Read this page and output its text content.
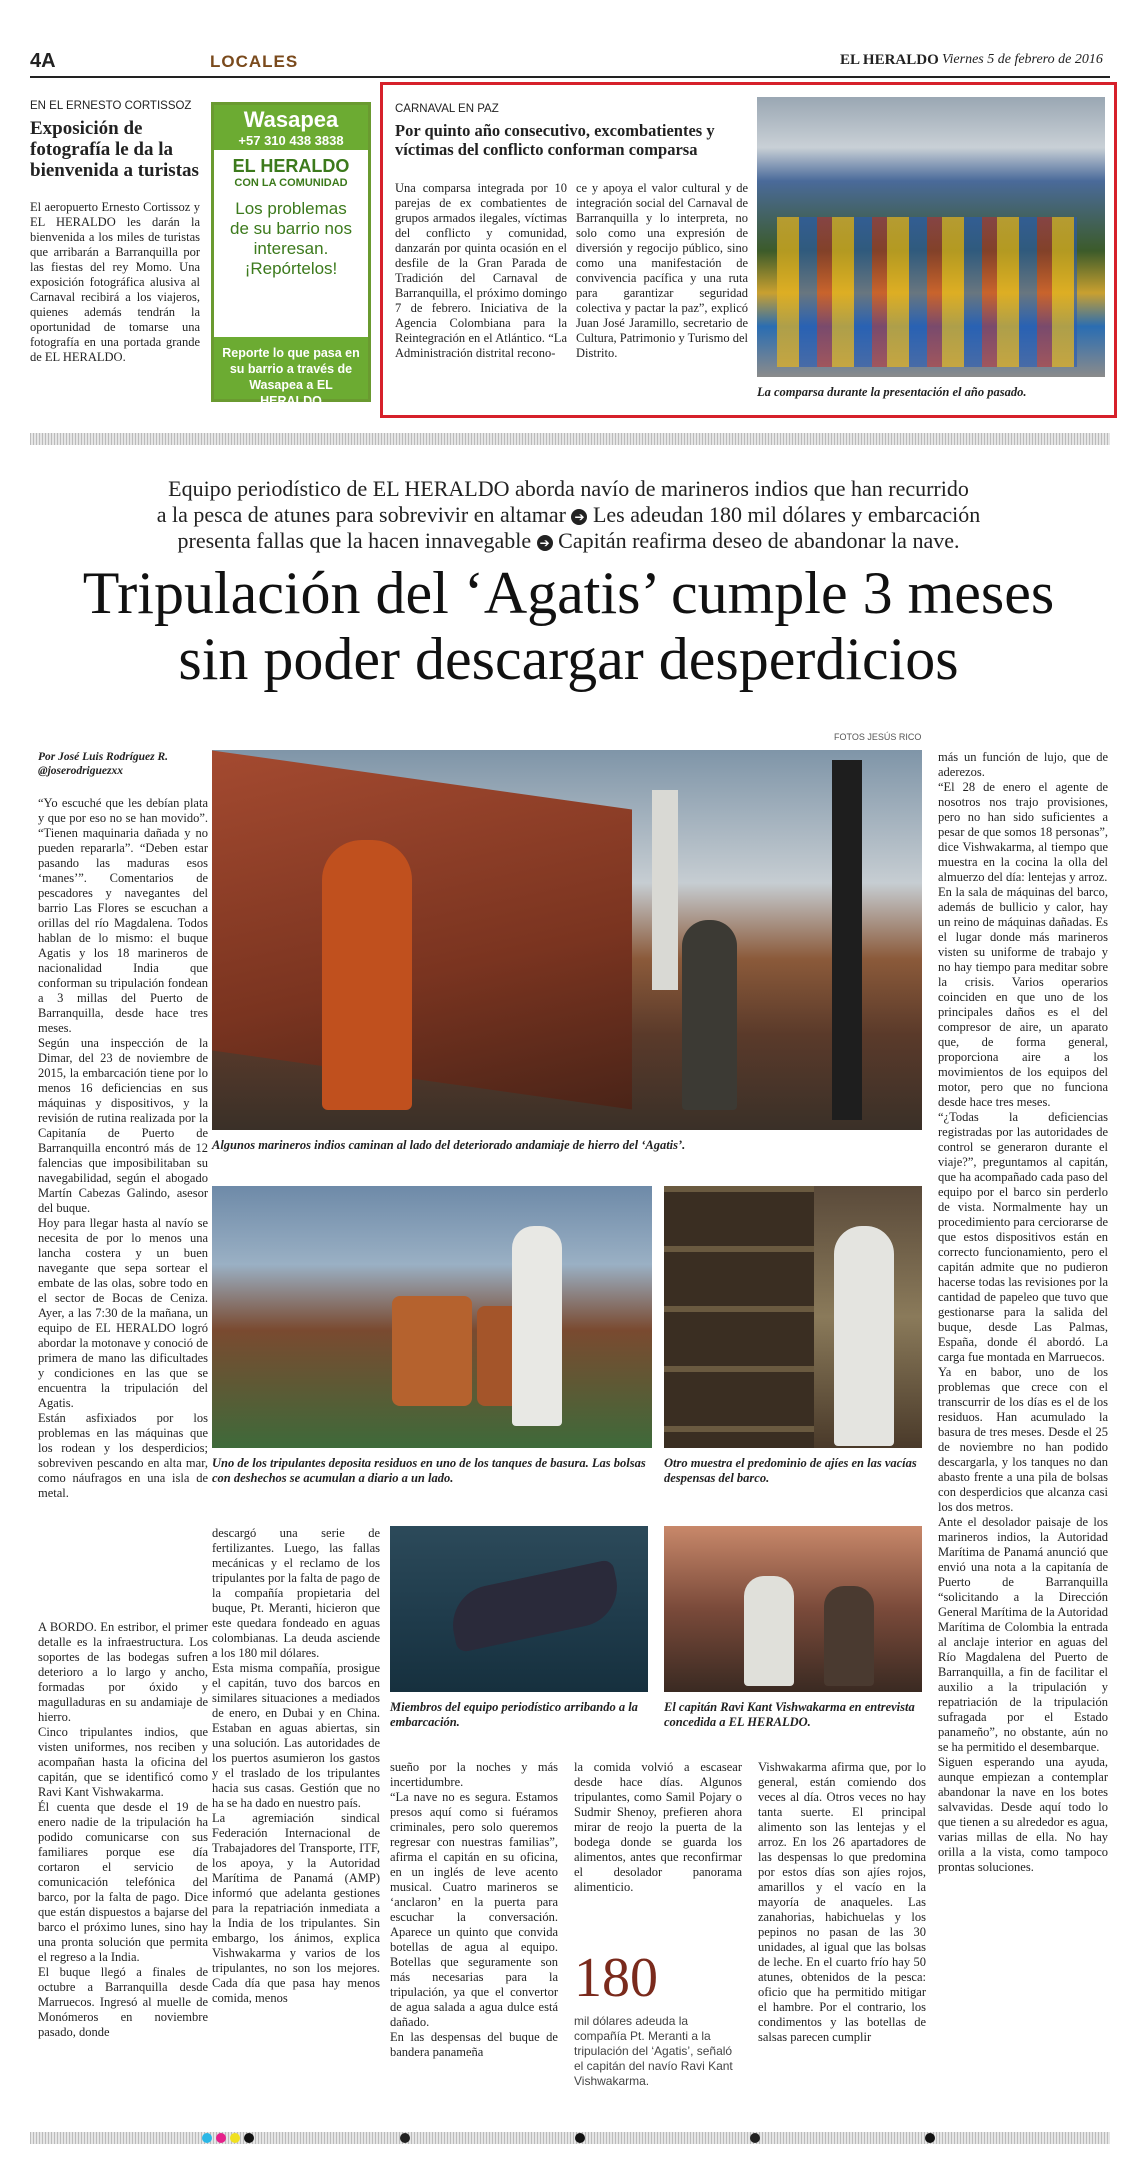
4A	LOCALES	EL HERALDO Viernes 5 de febrero de 2016
EN EL ERNESTO CORTISSOZ
Exposición de fotografía le da la bienvenida a turistas
El aeropuerto Ernesto Cortissoz y EL HERALDO les darán la bienvenida a los miles de turistas que arribarán a Barranquilla por las fiestas del rey Momo. Una exposición fotográfica alusiva al Carnaval recibirá a los viajeros, quienes además tendrán la oportunidad de tomarse una fotografía en una portada grande de EL HERALDO.
Wasapea
+57 310 438 3838
EL HERALDO
CON LA COMUNIDAD
Los problemas de su barrio nos interesan. ¡Repórtelos!
Reporte lo que pasa en su barrio a través de Wasapea a EL HERALDO
CARNAVAL EN PAZ
Por quinto año consecutivo, excombatientes y víctimas del conflicto conforman comparsa
Una comparsa integrada por 10 parejas de ex combatientes de grupos armados ilegales, víctimas del conflicto y comunidad, danzarán por quinta ocasión en el desfile de la Gran Parada de Tradición del Carnaval de Barranquilla, el próximo domingo 7 de febrero. Iniciativa de la Agencia Colombiana para la Reintegración en el Atlántico. “La Administración distrital recono-
ce y apoya el valor cultural y de integración social del Carnaval de Barranquilla y lo interpreta, no solo como una expresión de diversión y regocijo público, sino como una manifestación de convivencia pacífica y una ruta para garantizar seguridad colectiva y pactar la paz”, explicó Juan José Jaramillo, secretario de Cultura, Patrimonio y Turismo del Distrito.
La comparsa durante la presentación el año pasado.
Equipo periodístico de EL HERALDO aborda navío de marineros indios que han recurrido
a la pesca de atunes para sobrevivir en altamar ➔ Les adeudan 180 mil dólares y embarcación
presenta fallas que la hacen innavegable ➔ Capitán reafirma deseo de abandonar la nave.
Tripulación del ‘Agatis’ cumple 3 meses
sin poder descargar desperdicios
FOTOS JESÚS RICO
Por José Luis Rodríguez R.
@joserodriguezxx
“Yo escuché que les debían plata y que por eso no se han movido”. “Tienen maquinaria dañada y no pueden repararla”. “Deben estar pasando las maduras esos ‘manes’”. Comentarios de pescadores y navegantes del barrio Las Flores se escuchan a orillas del río Magdalena. Todos hablan de lo mismo: el buque Agatis y los 18 marineros de nacionalidad India que conforman su tripulación fondean a 3 millas del Puerto de Barranquilla, desde hace tres meses.
Según una inspección de la Dimar, del 23 de noviembre de 2015, la embarcación tiene por lo menos 16 deficiencias en sus máquinas y dispositivos, y la revisión de rutina realizada por la Capitanía de Puerto de Barranquilla encontró más de 12 falencias que imposibilitaban su navegabilidad, según el abogado Martín Cabezas Galindo, asesor del buque.
Hoy para llegar hasta al navío se necesita de por lo menos una lancha costera y un buen navegante que sepa sortear el embate de las olas, sobre todo en el sector de Bocas de Ceniza. Ayer, a las 7:30 de la mañana, un equipo de EL HERALDO logró abordar la motonave y conoció de primera de mano las dificultades y condiciones en las que se encuentra la tripulación del Agatis.
Están asfixiados por los problemas en las máquinas que los rodean y los desperdicios; sobreviven pescando en alta mar, como náufragos en una isla de metal.
A BORDO. En estribor, el primer detalle es la infraestructura. Los soportes de las bodegas sufren deterioro a lo largo y ancho, formadas por óxido y magulladuras en su andamiaje de hierro.
Cinco tripulantes indios, que visten uniformes, nos reciben y acompañan hasta la oficina del capitán, que se identificó como Ravi Kant Vishwakarma.
Él cuenta que desde el 19 de enero nadie de la tripulación ha podido comunicarse con sus familiares porque ese día cortaron el servicio de comunicación telefónica del barco, por la falta de pago. Dice que están dispuestos a bajarse del barco el próximo lunes, sino hay una pronta solución que permita el regreso a la India.
El buque llegó a finales de octubre a Barranquilla desde Marruecos. Ingresó al muelle de Monómeros en noviembre pasado, donde
Algunos marineros indios caminan al lado del deteriorado andamiaje de hierro del ‘Agatis’.
Uno de los tripulantes deposita residuos en uno de los tanques de basura. Las bolsas con deshechos se acumulan a diario a un lado.
Otro muestra el predominio de ajíes en las vacías despensas del barco.
descargó una serie de fertilizantes. Luego, las fallas mecánicas y el reclamo de los tripulantes por la falta de pago de la compañía propietaria del buque, Pt. Meranti, hicieron que este quedara fondeado en aguas colombianas. La deuda asciende a los 180 mil dólares.
Esta misma compañía, prosigue el capitán, tuvo dos barcos en similares situaciones a mediados de enero, en Dubai y en China. Estaban en aguas abiertas, sin una solución. Las autoridades de los puertos asumieron los gastos y el traslado de los tripulantes hacia sus casas. Gestión que no ha se ha dado en nuestro país.
La agremiación sindical Federación Internacional de Trabajadores del Transporte, ITF, los apoya, y la Autoridad Marítima de Panamá (AMP) informó que adelanta gestiones para la repatriación inmediata a la India de los tripulantes. Sin embargo, los ánimos, explica Vishwakarma y varios de los tripulantes, no son los mejores. Cada día que pasa hay menos comida, menos
Miembros del equipo periodístico arribando a la embarcación.
El capitán Ravi Kant Vishwakarma en entrevista concedida a EL HERALDO.
sueño por la noches y más incertidumbre.
“La nave no es segura. Estamos presos aquí como si fuéramos criminales, pero solo queremos regresar con nuestras familias”, afirma el capitán en su oficina, en un inglés de leve acento musical. Cuatro marineros se ‘anclaron’ en la puerta para escuchar la conversación. Aparece un quinto que convida botellas de agua al equipo. Botellas que seguramente son más necesarias para la tripulación, ya que el convertor de agua salada a agua dulce está dañado.
En las despensas del buque de bandera panameña
la comida volvió a escasear desde hace días. Algunos tripulantes, como Samil Pojary o Sudmir Shenoy, prefieren ahora mirar de reojo la puerta de la bodega donde se guarda los alimentos, antes que reconfirmar el desolador panorama alimenticio.
180
mil dólares adeuda la compañía Pt. Meranti a la tripulación del ‘Agatis’, señaló el capitán del navío Ravi Kant Vishwakarma.
Vishwakarma afirma que, por lo general, están comiendo dos veces al día. Otros veces no hay tanta suerte. El principal alimento son las lentejas y el arroz. En los 26 apartadores de las despensas lo que predomina por estos días son ajíes rojos, amarillos y el vacío en la mayoría de anaqueles. Las zanahorias, habichuelas y los pepinos no pasan de las 30 unidades, al igual que las bolsas de leche. En el cuarto frío hay 50 atunes, obtenidos de la pesca: oficio que ha permitido mitigar el hambre. Por el contrario, los condimentos y las botellas de salsas parecen cumplir
más un función de lujo, que de aderezos.
“El 28 de enero el agente de nosotros nos trajo provisiones, pero no han sido suficientes a pesar de que somos 18 personas”, dice Vishwakarma, al tiempo que muestra en la cocina la olla del almuerzo del día: lentejas y arroz.
En la sala de máquinas del barco, además de bullicio y calor, hay un reino de máquinas dañadas. Es el lugar donde más marineros visten su uniforme de trabajo y no hay tiempo para meditar sobre la crisis. Varios operarios coinciden en que uno de los principales daños es el del compresor de aire, un aparato que, de forma general, proporciona aire a los movimientos de los equipos del motor, pero que no funciona desde hace tres meses.
“¿Todas la deficiencias registradas por las autoridades de control se generaron durante el viaje?”, preguntamos al capitán, que ha acompañado cada paso del equipo por el barco sin perderlo de vista. Normalmente hay un procedimiento para cerciorarse de que estos dispositivos están en correcto funcionamiento, pero el capitán admite que no pudieron hacerse todas las revisiones por la cantidad de papeleo que tuvo que gestionarse para la salida del buque, desde Las Palmas, España, donde él abordó. La carga fue montada en Marruecos.
Ya en babor, uno de los problemas que crece con el transcurrir de los días es el de los residuos. Han acumulado la basura de tres meses. Desde el 25 de noviembre no han podido descargarla, y los tanques no dan abasto frente a una pila de bolsas con desperdicios que alcanza casi los dos metros.
Ante el desolador paisaje de los marineros indios, la Autoridad Marítima de Panamá anunció que envió una nota a la capitanía de Puerto de Barranquilla “solicitando a la Dirección General Marítima de la Autoridad Marítima de Colombia la entrada al anclaje interior en aguas del Río Magdalena del Puerto de Barranquilla, a fin de facilitar el auxilio a la tripulación y repatriación de la tripulación sufragada por el Estado panameño”, no obstante, aún no se ha permitido el desembarque.
Siguen esperando una ayuda, aunque empiezan a contemplar abandonar la nave en los botes salvavidas. Desde aquí todo lo que tienen a su alrededor es agua, varias millas de ella. No hay orilla a la vista, como tampoco prontas soluciones.
